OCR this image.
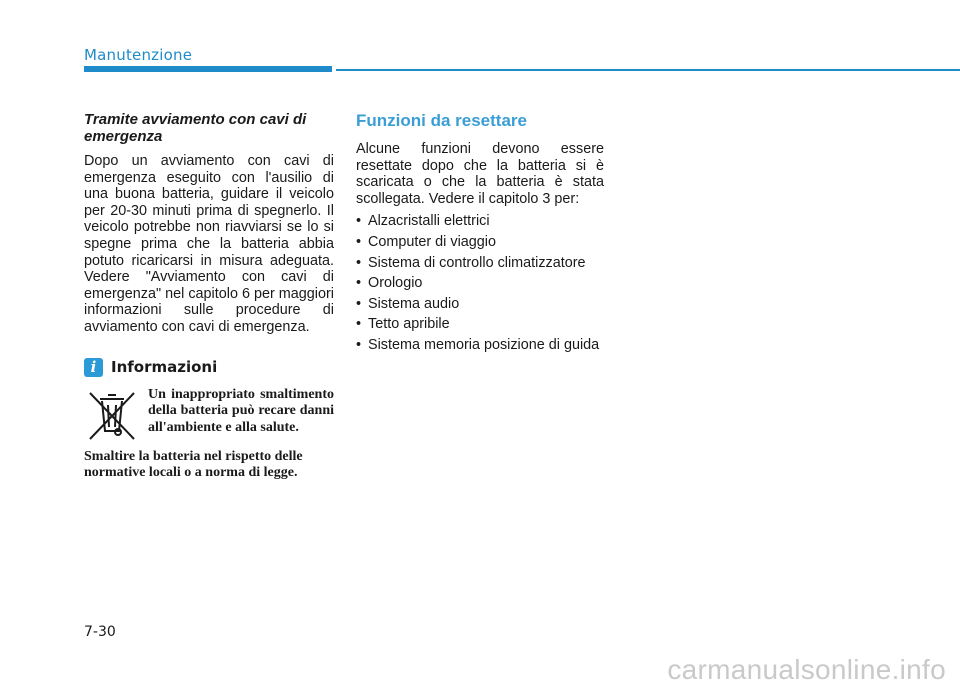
Manutenzione

Tramite avviamento con cavi di emergenza

Dopo un avviamento con cavi di emergenza eseguito con l'ausilio di una buona batteria, guidare il veicolo per 20-30 minuti prima di spegnerlo. Il veicolo potrebbe non riavviarsi se lo si spegne prima che la batteria abbia potuto ricaricarsi in misura adeguata. Vedere "Avviamento con cavi di emergenza" nel capitolo 6 per maggiori informazioni sulle procedure di avviamento con cavi di emergenza.

i Informazioni

Un inappropriato smaltimento della batteria può recare danni all'ambiente e alla salute.

Smaltire la batteria nel rispetto delle normative locali o a norma di legge.

Funzioni da resettare

Alcune funzioni devono essere resettate dopo che la batteria si è scaricata o che la batteria è stata scollegata. Vedere il capitolo 3 per:

• Alzacristalli elettrici
• Computer di viaggio
• Sistema di controllo climatizzatore
• Orologio
• Sistema audio
• Tetto apribile
• Sistema memoria posizione di guida
7-30
carmanualsonline.info
